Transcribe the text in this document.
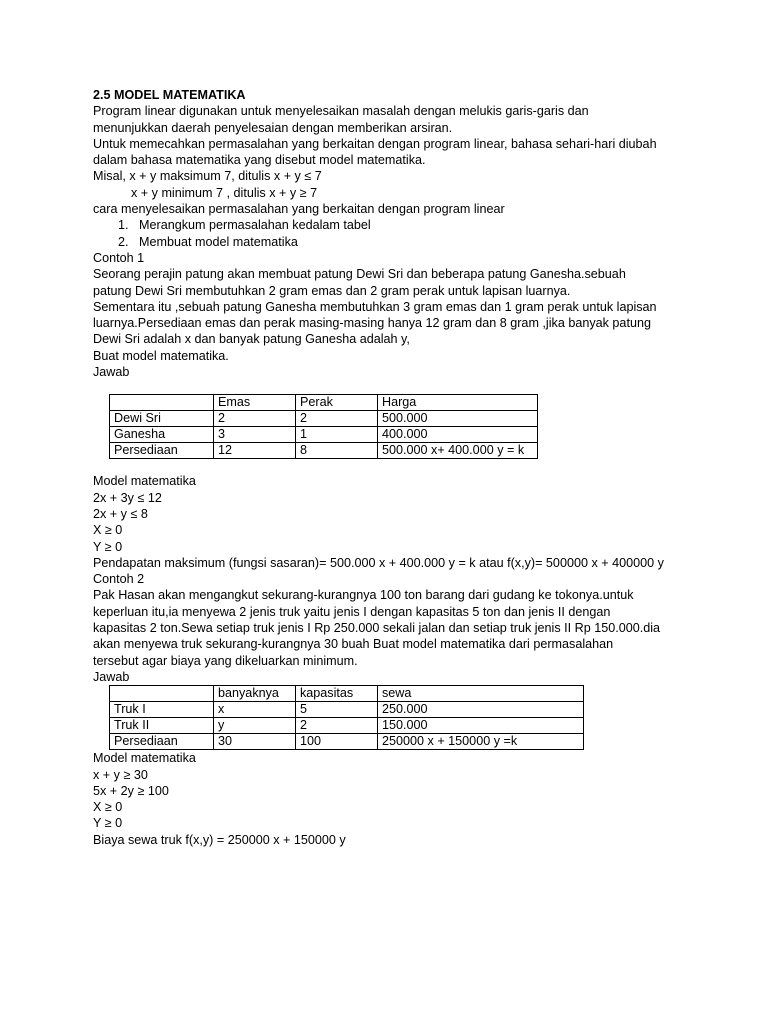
2.5 MODEL MATEMATIKA
Program linear digunakan untuk menyelesaikan masalah dengan melukis garis-garis dan
menunjukkan daerah penyelesaian dengan memberikan arsiran.
Untuk memecahkan permasalahan yang berkaitan dengan program linear, bahasa sehari-hari diubah
dalam bahasa matematika yang disebut model matematika.
Misal, x + y maksimum 7, ditulis x + y ≤ 7
x + y minimum 7 , ditulis x + y ≥ 7
cara menyelesaikan permasalahan yang berkaitan dengan program linear
1. Merangkum permasalahan kedalam tabel
2. Membuat model matematika
Contoh 1
Seorang perajin patung akan membuat patung Dewi Sri dan beberapa patung Ganesha.sebuah
patung Dewi Sri membutuhkan 2 gram emas dan 2 gram perak untuk lapisan luarnya.
Sementara itu ,sebuah patung Ganesha membutuhkan 3 gram emas dan 1 gram perak untuk lapisan
luarnya.Persediaan emas dan perak masing-masing hanya 12 gram dan 8 gram ,jika banyak patung
Dewi Sri adalah x dan banyak patung Ganesha adalah y,
Buat model matematika.
Jawab
	Emas	Perak	Harga
Dewi Sri	2	2	500.000
Ganesha	3	1	400.000
Persediaan	12	8	500.000 x+ 400.000 y = k
Model matematika
2x + 3y ≤ 12
2x + y ≤ 8
X ≥ 0
Y ≥ 0
Pendapatan maksimum (fungsi sasaran)= 500.000 x + 400.000 y = k atau f(x,y)= 500000 x + 400000 y
Contoh 2
Pak Hasan akan mengangkut sekurang-kurangnya 100 ton barang dari gudang ke tokonya.untuk
keperluan itu,ia menyewa 2 jenis truk yaitu jenis I dengan kapasitas 5 ton dan jenis II dengan
kapasitas 2 ton.Sewa setiap truk jenis I Rp 250.000 sekali jalan dan setiap truk jenis II Rp 150.000.dia
akan menyewa truk sekurang-kurangnya 30 buah Buat model matematika dari permasalahan
tersebut agar biaya yang dikeluarkan minimum.
Jawab
	banyaknya	kapasitas	sewa
Truk I	x	5	250.000
Truk II	y	2	150.000
Persediaan	30	100	250000 x + 150000 y =k
Model matematika
x + y ≥ 30
5x + 2y ≥ 100
X ≥ 0
Y ≥ 0
Biaya sewa truk f(x,y) = 250000 x + 150000 y
